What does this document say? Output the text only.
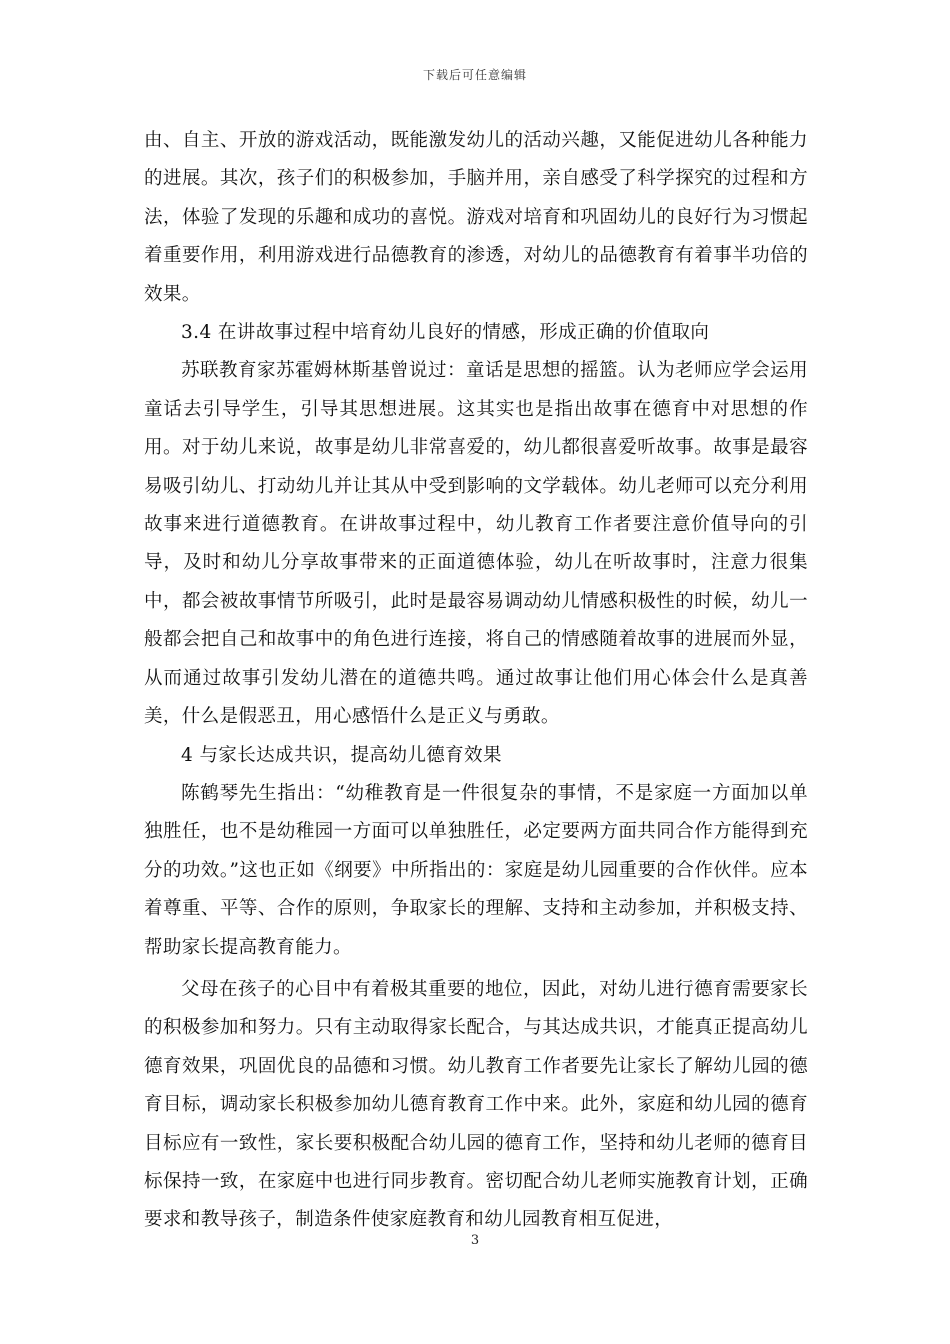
下载后可任意编辑

由、自主、开放的游戏活动，既能激发幼儿的活动兴趣，又能促进幼儿各种能力的进展。其次，孩子们的积极参加，手脑并用，亲自感受了科学探究的过程和方法，体验了发现的乐趣和成功的喜悦。游戏对培育和巩固幼儿的良好行为习惯起着重要作用，利用游戏进行品德教育的渗透，对幼儿的品德教育有着事半功倍的效果。

3.4 在讲故事过程中培育幼儿良好的情感，形成正确的价值取向

苏联教育家苏霍姆林斯基曾说过：童话是思想的摇篮。认为老师应学会运用童话去引导学生，引导其思想进展。这其实也是指出故事在德育中对思想的作用。对于幼儿来说，故事是幼儿非常喜爱的，幼儿都很喜爱听故事。故事是最容易吸引幼儿、打动幼儿并让其从中受到影响的文学载体。幼儿老师可以充分利用故事来进行道德教育。在讲故事过程中，幼儿教育工作者要注意价值导向的引导，及时和幼儿分享故事带来的正面道德体验，幼儿在听故事时，注意力很集中，都会被故事情节所吸引，此时是最容易调动幼儿情感积极性的时候，幼儿一般都会把自己和故事中的角色进行连接，将自己的情感随着故事的进展而外显，从而通过故事引发幼儿潜在的道德共鸣。通过故事让他们用心体会什么是真善美，什么是假恶丑，用心感悟什么是正义与勇敢。

4 与家长达成共识，提高幼儿德育效果

陈鹤琴先生指出：“幼稚教育是一件很复杂的事情，不是家庭一方面加以单独胜任，也不是幼稚园一方面可以单独胜任，必定要两方面共同合作方能得到充分的功效。”这也正如《纲要》中所指出的：家庭是幼儿园重要的合作伙伴。应本着尊重、平等、合作的原则，争取家长的理解、支持和主动参加，并积极支持、帮助家长提高教育能力。

父母在孩子的心目中有着极其重要的地位，因此，对幼儿进行德育需要家长的积极参加和努力。只有主动取得家长配合，与其达成共识，才能真正提高幼儿德育效果，巩固优良的品德和习惯。幼儿教育工作者要先让家长了解幼儿园的德育目标，调动家长积极参加幼儿德育教育工作中来。此外，家庭和幼儿园的德育目标应有一致性，家长要积极配合幼儿园的德育工作，坚持和幼儿老师的德育目标保持一致，在家庭中也进行同步教育。密切配合幼儿老师实施教育计划，正确要求和教导孩子，制造条件使家庭教育和幼儿园教育相互促进，

3
